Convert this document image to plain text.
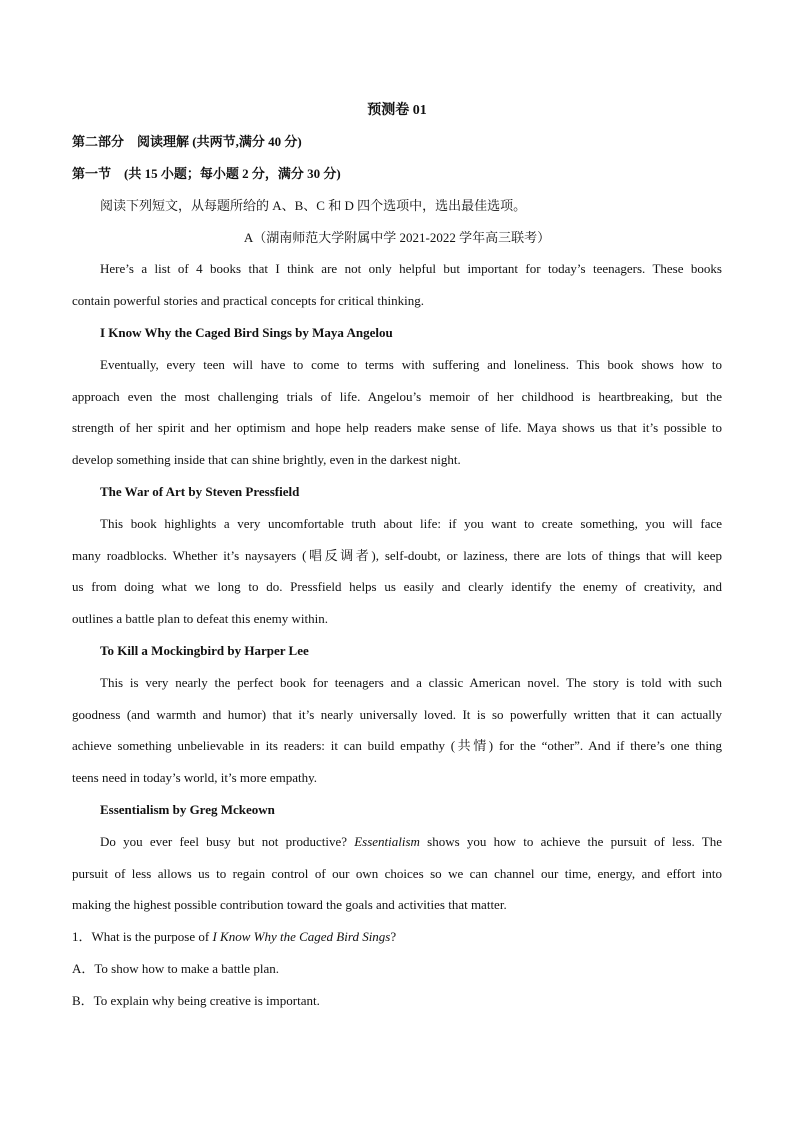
预测卷 01
第二部分　阅读理解 (共两节,满分 40 分)
第一节　(共 15 小题；每小题 2 分，满分 30 分)
阅读下列短文，从每题所给的 A、B、C 和 D 四个选项中，选出最佳选项。
A（湖南师范大学附属中学 2021-2022 学年高三联考）
Here’s a list of 4 books that I think are not only helpful but important for today’s teenagers. These books
contain powerful stories and practical concepts for critical thinking.
I Know Why the Caged Bird Sings by Maya Angelou
Eventually, every teen will have to come to terms with suffering and loneliness. This book shows how to
approach even the most challenging trials of life. Angelou’s memoir of her childhood is heartbreaking, but the
strength of her spirit and her optimism and hope help readers make sense of life. Maya shows us that it’s possible to
develop something inside that can shine brightly, even in the darkest night.
The War of Art by Steven Pressfield
This book highlights a very uncomfortable truth about life: if you want to create something, you will face
many roadblocks. Whether it’s naysayers (唱反调者), self-doubt, or laziness, there are lots of things that will keep
us from doing what we long to do. Pressfield helps us easily and clearly identify the enemy of creativity, and
outlines a battle plan to defeat this enemy within.
To Kill a Mockingbird by Harper Lee
This is very nearly the perfect book for teenagers and a classic American novel. The story is told with such
goodness (and warmth and humor) that it’s nearly universally loved. It is so powerfully written that it can actually
achieve something unbelievable in its readers: it can build empathy (共情) for the “other”. And if there’s one thing
teens need in today’s world, it’s more empathy.
Essentialism by Greg Mckeown
Do you ever feel busy but not productive? Essentialism shows you how to achieve the pursuit of less. The
pursuit of less allows us to regain control of our own choices so we can channel our time, energy, and effort into
making the highest possible contribution toward the goals and activities that matter.
1．What is the purpose of I Know Why the Caged Bird Sings?
A．To show how to make a battle plan.
B．To explain why being creative is important.
